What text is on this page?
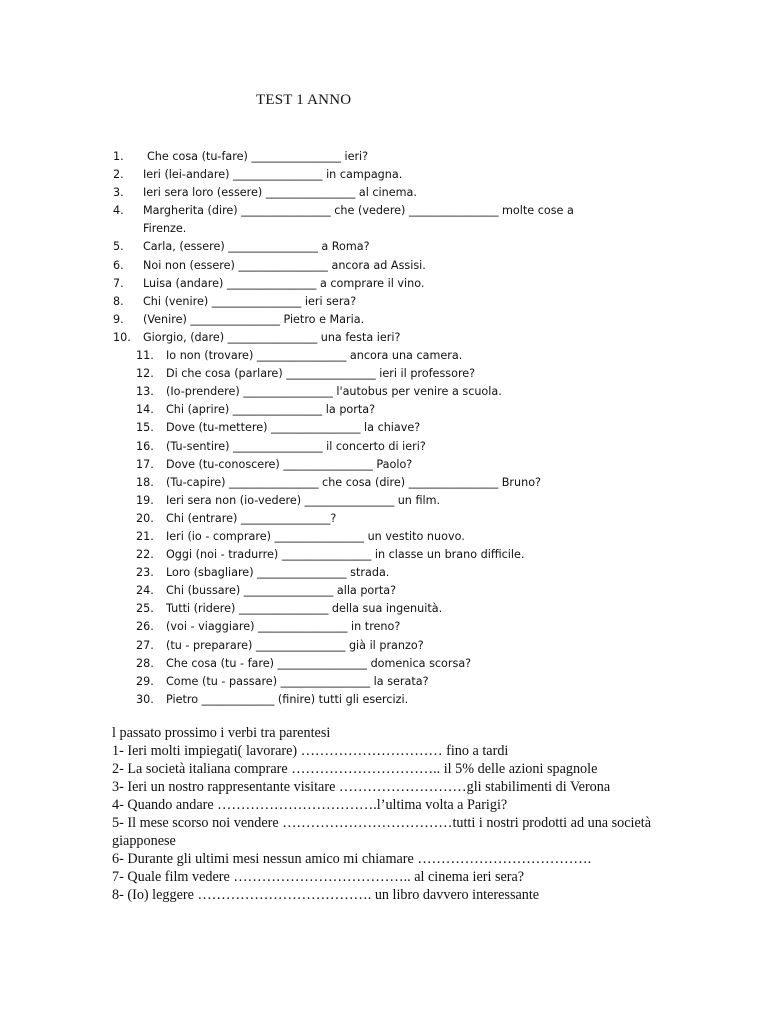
TEST 1 ANNO
1. Che cosa (tu-fare) ________________ ieri?
2. Ieri (lei-andare) ________________ in campagna.
3. Ieri sera loro (essere) ________________ al cinema.
4. Margherita (dire) ________________ che (vedere) ________________ molte cose a
Firenze.
5. Carla, (essere) ________________ a Roma?
6. Noi non (essere) ________________ ancora ad Assisi.
7. Luisa (andare) ________________ a comprare il vino.
8. Chi (venire) ________________ ieri sera?
9. (Venire) ________________ Pietro e Maria.
10. Giorgio, (dare) ________________ una festa ieri?
11. Io non (trovare) ________________ ancora una camera.
12. Di che cosa (parlare) ________________ ieri il professore?
13. (Io-prendere) ________________ l'autobus per venire a scuola.
14. Chi (aprire) ________________ la porta?
15. Dove (tu-mettere) ________________ la chiave?
16. (Tu-sentire) ________________ il concerto di ieri?
17. Dove (tu-conoscere) ________________ Paolo?
18. (Tu-capire) ________________ che cosa (dire) ________________ Bruno?
19. Ieri sera non (io-vedere) ________________ un film.
20. Chi (entrare) ________________?
21. Ieri (io - comprare) ________________ un vestito nuovo.
22. Oggi (noi - tradurre) ________________ in classe un brano difficile.
23. Loro (sbagliare) ________________ strada.
24. Chi (bussare) ________________ alla porta?
25. Tutti (ridere) ________________ della sua ingenuità.
26. (voi - viaggiare) ________________ in treno?
27. (tu - preparare) ________________ già il pranzo?
28. Che cosa (tu - fare) ________________ domenica scorsa?
29. Come (tu - passare) ________________ la serata?
30. Pietro _____________ (finire) tutti gli esercizi.
l passato prossimo i verbi tra parentesi
1- Ieri molti impiegati( lavorare) ………………………… fino a tardi
2- La società italiana comprare ………………………….. il 5% delle azioni spagnole
3- Ieri un nostro rappresentante visitare ………………………gli stabilimenti di Verona
4- Quando andare …………………………….l’ultima volta a Parigi?
5- Il mese scorso noi vendere ………………………………tutti i nostri prodotti ad una società giapponese
6- Durante gli ultimi mesi nessun amico mi chiamare ……………………………….
7- Quale film vedere ……………………………….. al cinema ieri sera?
8- (Io) leggere ………………………………. un libro davvero interessante
